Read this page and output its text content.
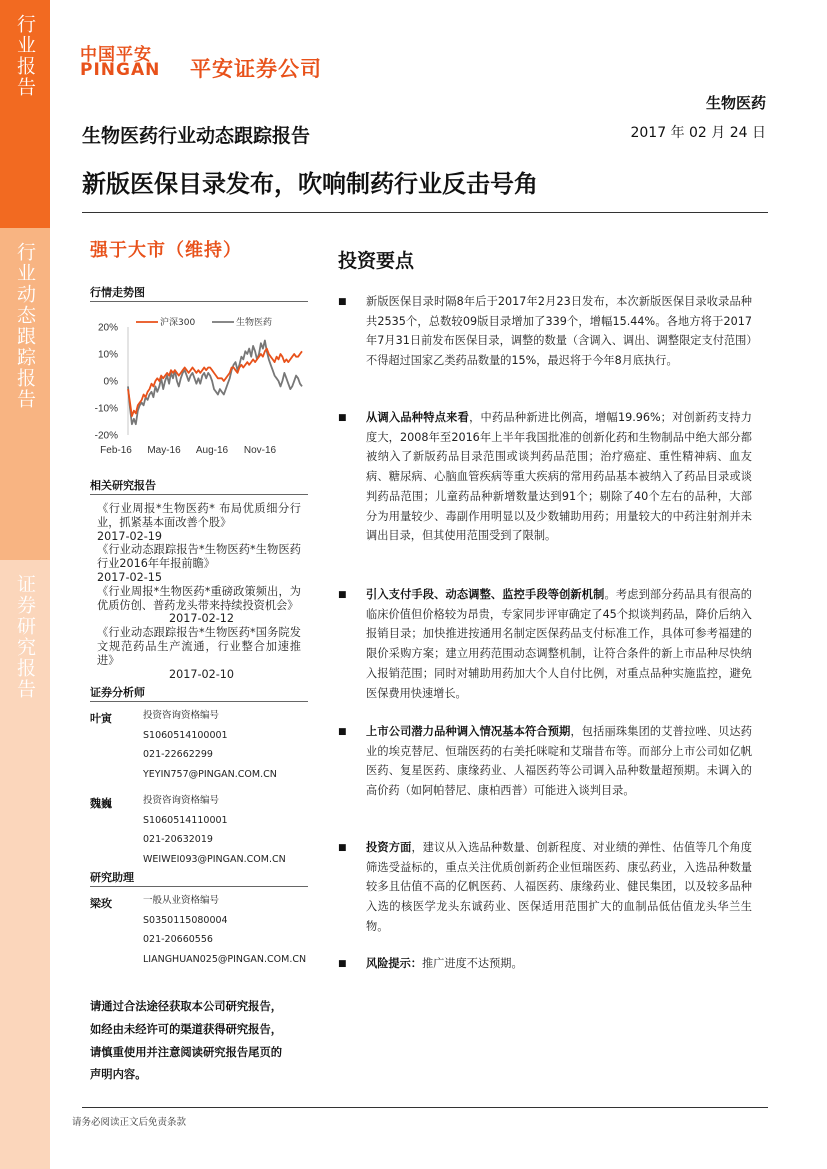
行业报告
行业动态跟踪报告
证券研究报告
中国平安
PINGAN 平安证券公司
生物医药
生物医药行业动态跟踪报告	2017 年 02 月 24 日
新版医保目录发布，吹响制药行业反击号角
强于大市（维持）
行情走势图
沪深300	生物医药
20%
10%
0%
-10%
-20%
Feb-16 May-16 Aug-16 Nov-16
相关研究报告
《行业周报*生物医药* 布局优质细分行业，抓紧基本面改善个股》
2017-02-19
《行业动态跟踪报告*生物医药*生物医药行业2016年年报前瞻》
2017-02-15
《行业周报*生物医药*重磅政策频出，为优质仿创、普药龙头带来持续投资机会》
2017-02-12
《行业动态跟踪报告*生物医药*国务院发文规范药品生产流通，行业整合加速推进》
2017-02-10
证券分析师
叶寅	投资咨询资格编号
S1060514100001
021-22662299
YEYIN757@PINGAN.COM.CN
魏巍	投资咨询资格编号
S1060514110001
021-20632019
WEIWEI093@PINGAN.COM.CN
研究助理
梁玫	一般从业资格编号
S0350115080004
021-20660556
LIANGHUAN025@PINGAN.COM.CN
请通过合法途径获取本公司研究报告，如经由未经许可的渠道获得研究报告，请慎重使用并注意阅读研究报告尾页的声明内容。
投资要点
■ 新版医保目录时隔8年后于2017年2月23日发布，本次新版医保目录收录品种共2535个，总数较09版目录增加了339个，增幅15.44%。各地方将于2017年7月31日前发布医保目录，调整的数量（含调入、调出、调整限定支付范围）不得超过国家乙类药品数量的15%，最迟将于今年8月底执行。
■ 从调入品种特点来看，中药品种新进比例高，增幅19.96%；对创新药支持力度大，2008年至2016年上半年我国批准的创新化药和生物制品中绝大部分都被纳入了新版药品目录范围或谈判药品范围；治疗癌症、重性精神病、血友病、糖尿病、心脑血管疾病等重大疾病的常用药品基本被纳入了药品目录或谈判药品范围；儿童药品种新增数量达到91个；剔除了40个左右的品种，大部分为用量较少、毒副作用明显以及少数辅助用药；用量较大的中药注射剂并未调出目录，但其使用范围受到了限制。
■ 引入支付手段、动态调整、监控手段等创新机制。考虑到部分药品具有很高的临床价值但价格较为昂贵，专家同步评审确定了45个拟谈判药品，降价后纳入报销目录；加快推进按通用名制定医保药品支付标准工作，具体可参考福建的限价采购方案；建立用药范围动态调整机制，让符合条件的新上市品种尽快纳入报销范围；同时对辅助用药加大个人自付比例，对重点品种实施监控，避免医保费用快速增长。
■ 上市公司潜力品种调入情况基本符合预期，包括丽珠集团的艾普拉唑、贝达药业的埃克替尼、恒瑞医药的右美托咪啶和艾瑞昔布等。而部分上市公司如亿帆医药、复星医药、康缘药业、人福医药等公司调入品种数量超预期。未调入的高价药（如阿帕替尼、康柏西普）可能进入谈判目录。
■ 投资方面，建议从入选品种数量、创新程度、对业绩的弹性、估值等几个角度筛选受益标的，重点关注优质创新药企业恒瑞医药、康弘药业，入选品种数量较多且估值不高的亿帆医药、人福医药、康缘药业、健民集团，以及较多品种入选的核医学龙头东诚药业、医保适用范围扩大的血制品低估值龙头华兰生物。
■ 风险提示：推广进度不达预期。
请务必阅读正文后免责条款
